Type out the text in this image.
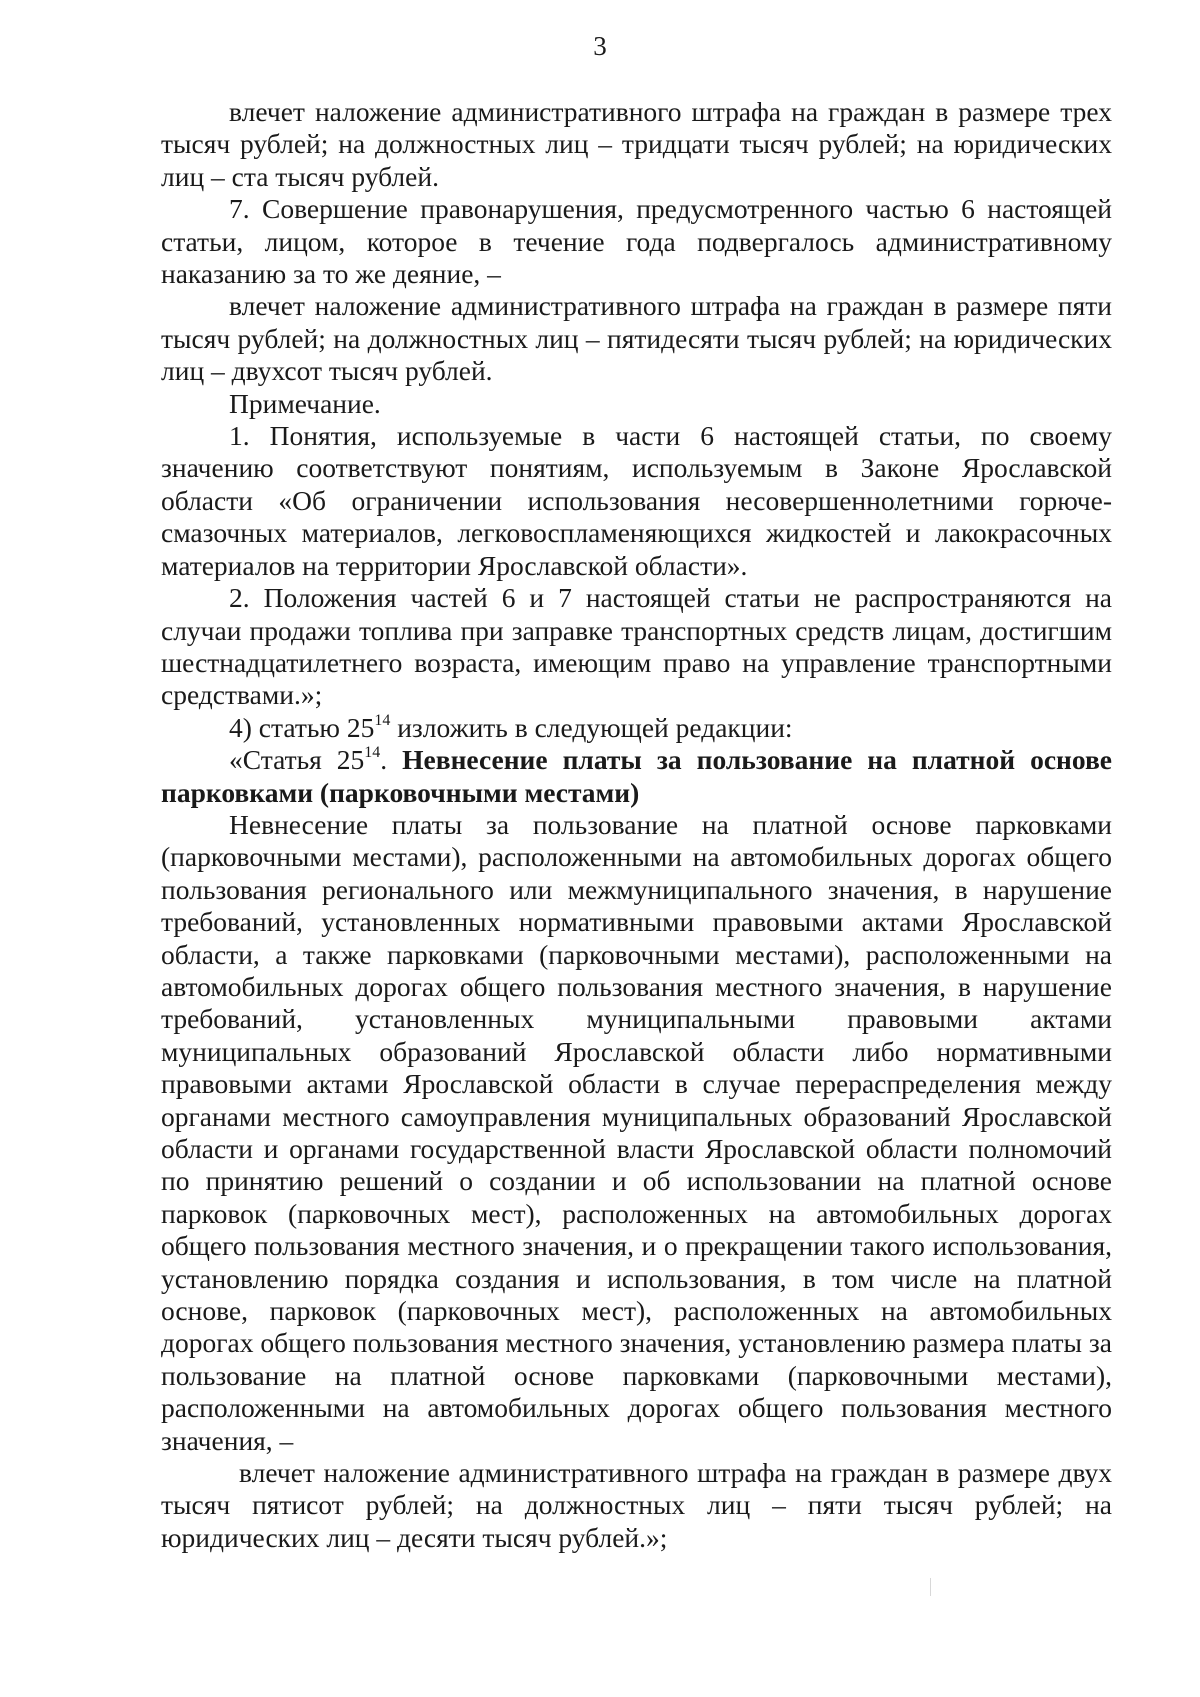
3

влечет наложение административного штрафа на граждан в размере трех тысяч рублей; на должностных лиц – тридцати тысяч рублей; на юридических лиц – ста тысяч рублей.

7. Совершение правонарушения, предусмотренного частью 6 настоящей статьи, лицом, которое в течение года подвергалось административному наказанию за то же деяние, –

влечет наложение административного штрафа на граждан в размере пяти тысяч рублей; на должностных лиц – пятидесяти тысяч рублей; на юридических лиц – двухсот тысяч рублей.

Примечание.

1. Понятия, используемые в части 6 настоящей статьи, по своему значению соответствуют понятиям, используемым в Законе Ярославской области «Об ограничении использования несовершеннолетними горюче-смазочных материалов, легковоспламеняющихся жидкостей и лакокрасочных материалов на территории Ярославской области».

2. Положения частей 6 и 7 настоящей статьи не распространяются на случаи продажи топлива при заправке транспортных средств лицам, достигшим шестнадцатилетнего возраста, имеющим право на управление транспортными средствами.»;

4) статью $25^{14}$ изложить в следующей редакции:

«Статья $25^{14}$. Невнесение платы за пользование на платной основе парковками (парковочными местами)

Невнесение платы за пользование на платной основе парковками (парковочными местами), расположенными на автомобильных дорогах общего пользования регионального или межмуниципального значения, в нарушение требований, установленных нормативными правовыми актами Ярославской области, а также парковками (парковочными местами), расположенными на автомобильных дорогах общего пользования местного значения, в нарушение требований, установленных муниципальными правовыми актами муниципальных образований Ярославской области либо нормативными правовыми актами Ярославской области в случае перераспределения между органами местного самоуправления муниципальных образований Ярославской области и органами государственной власти Ярославской области полномочий по принятию решений о создании и об использовании на платной основе парковок (парковочных мест), расположенных на автомобильных дорогах общего пользования местного значения, и о прекращении такого использования, установлению порядка создания и использования, в том числе на платной основе, парковок (парковочных мест), расположенных на автомобильных дорогах общего пользования местного значения, установлению размера платы за пользование на платной основе парковками (парковочными местами), расположенными на автомобильных дорогах общего пользования местного значения, –

влечет наложение административного штрафа на граждан в размере двух тысяч пятисот рублей; на должностных лиц – пяти тысяч рублей; на юридических лиц – десяти тысяч рублей.»;
